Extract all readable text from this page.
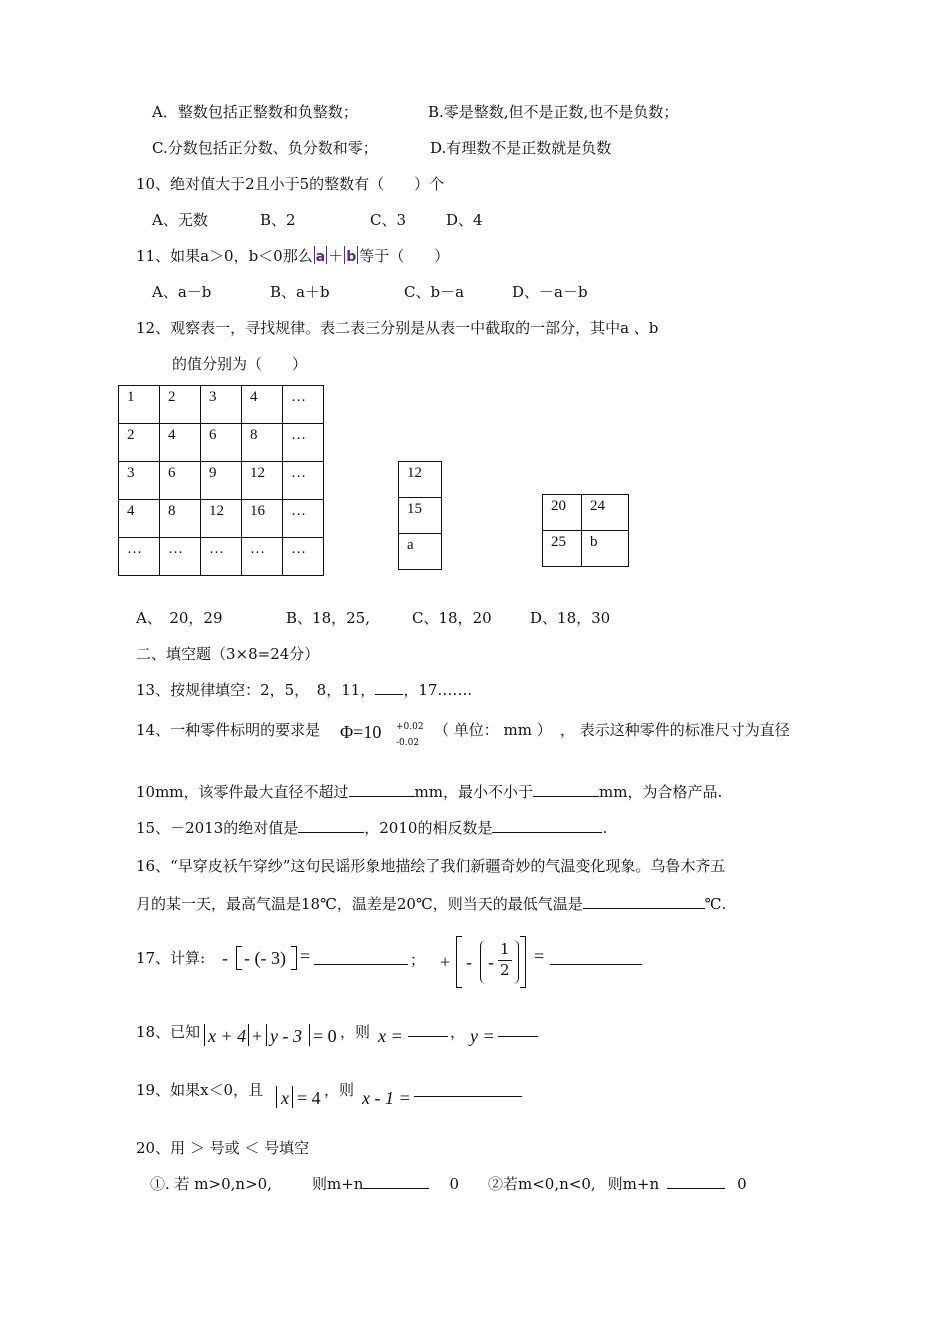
A．整数包括正整数和负整数；	B.零是整数,但不是正数,也不是负数；
C.分数包括正分数、负分数和零；	D.有理数不是正数就是负数
10、绝对值大于2且小于5的整数有（　　）个
A、无数	B、2	C、3	D、4
11、如果a＞0，b＜0那么 a ＋ b 等于（　　）
A、a－b	B、a＋b	C、b－a	D、－a－b
12、观察表一，寻找规律。表二表三分别是从表一中截取的一部分，其中a 、b
的值分别为（　　）
1	2	3	4	…
2	4	6	8	…
3	6	9	12	…
4	8	12	16	…
…	…	…	…	…
12
15
a
20	24
25	b
A、　20，29	B、18，25,	C、18，20	D、18，30
二、填空题（3×8=24分）
13、按规律填空：2，5，　8，11， ，17…….
14、一种零件标明的要求是 Φ=10 +0.02
-0.02
（ 单位： mm ） ， 表示这种零件的标准尺寸为直径
10mm，该零件最大直径不超过	mm，最小不小于	mm，为合格产品.
15、－2013的绝对值是	，2010的相反数是	.
16、“早穿皮袄午穿纱”这句民谣形象地描绘了我们新疆奇妙的气温变化现象。乌鲁木齐五
月的某一天，最高气温是18℃，温差是20℃，则当天的最低气温是	℃.
17、计算: - - (- 3) =	； + - -
1
2
=
18、已知 x + 4 + y - 3 = 0 ，则 x =	， y =
19、如果x＜0，且 x = 4 ，则 x - 1 =
20、用 ＞ 号或 ＜ 号填空
①. 若 m>0,n>0,	则m+n	0 ②若m<0,n<0, 则m+n	0
